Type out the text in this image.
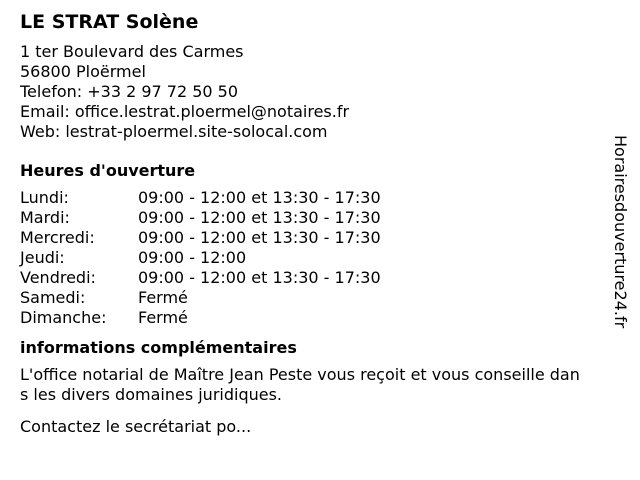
LE STRAT Solène
1 ter Boulevard des Carmes
56800 Ploërmel
Telefon: +33 2 97 72 50 50
Email: office.lestrat.ploermel@notaires.fr
Web: lestrat-ploermel.site-solocal.com
Heures d'ouverture
Lundi:	09:00 - 12:00 et 13:30 - 17:30
Mardi:	09:00 - 12:00 et 13:30 - 17:30
Mercredi:	09:00 - 12:00 et 13:30 - 17:30
Jeudi:	09:00 - 12:00
Vendredi:	09:00 - 12:00 et 13:30 - 17:30
Samedi:	Fermé
Dimanche:	Fermé
informations complémentaires

L'office notarial de Maître Jean Peste vous reçoit et vous conseille dans les divers domaines juridiques.

Contactez le secrétariat po...

Horairesdouverture24.fr
